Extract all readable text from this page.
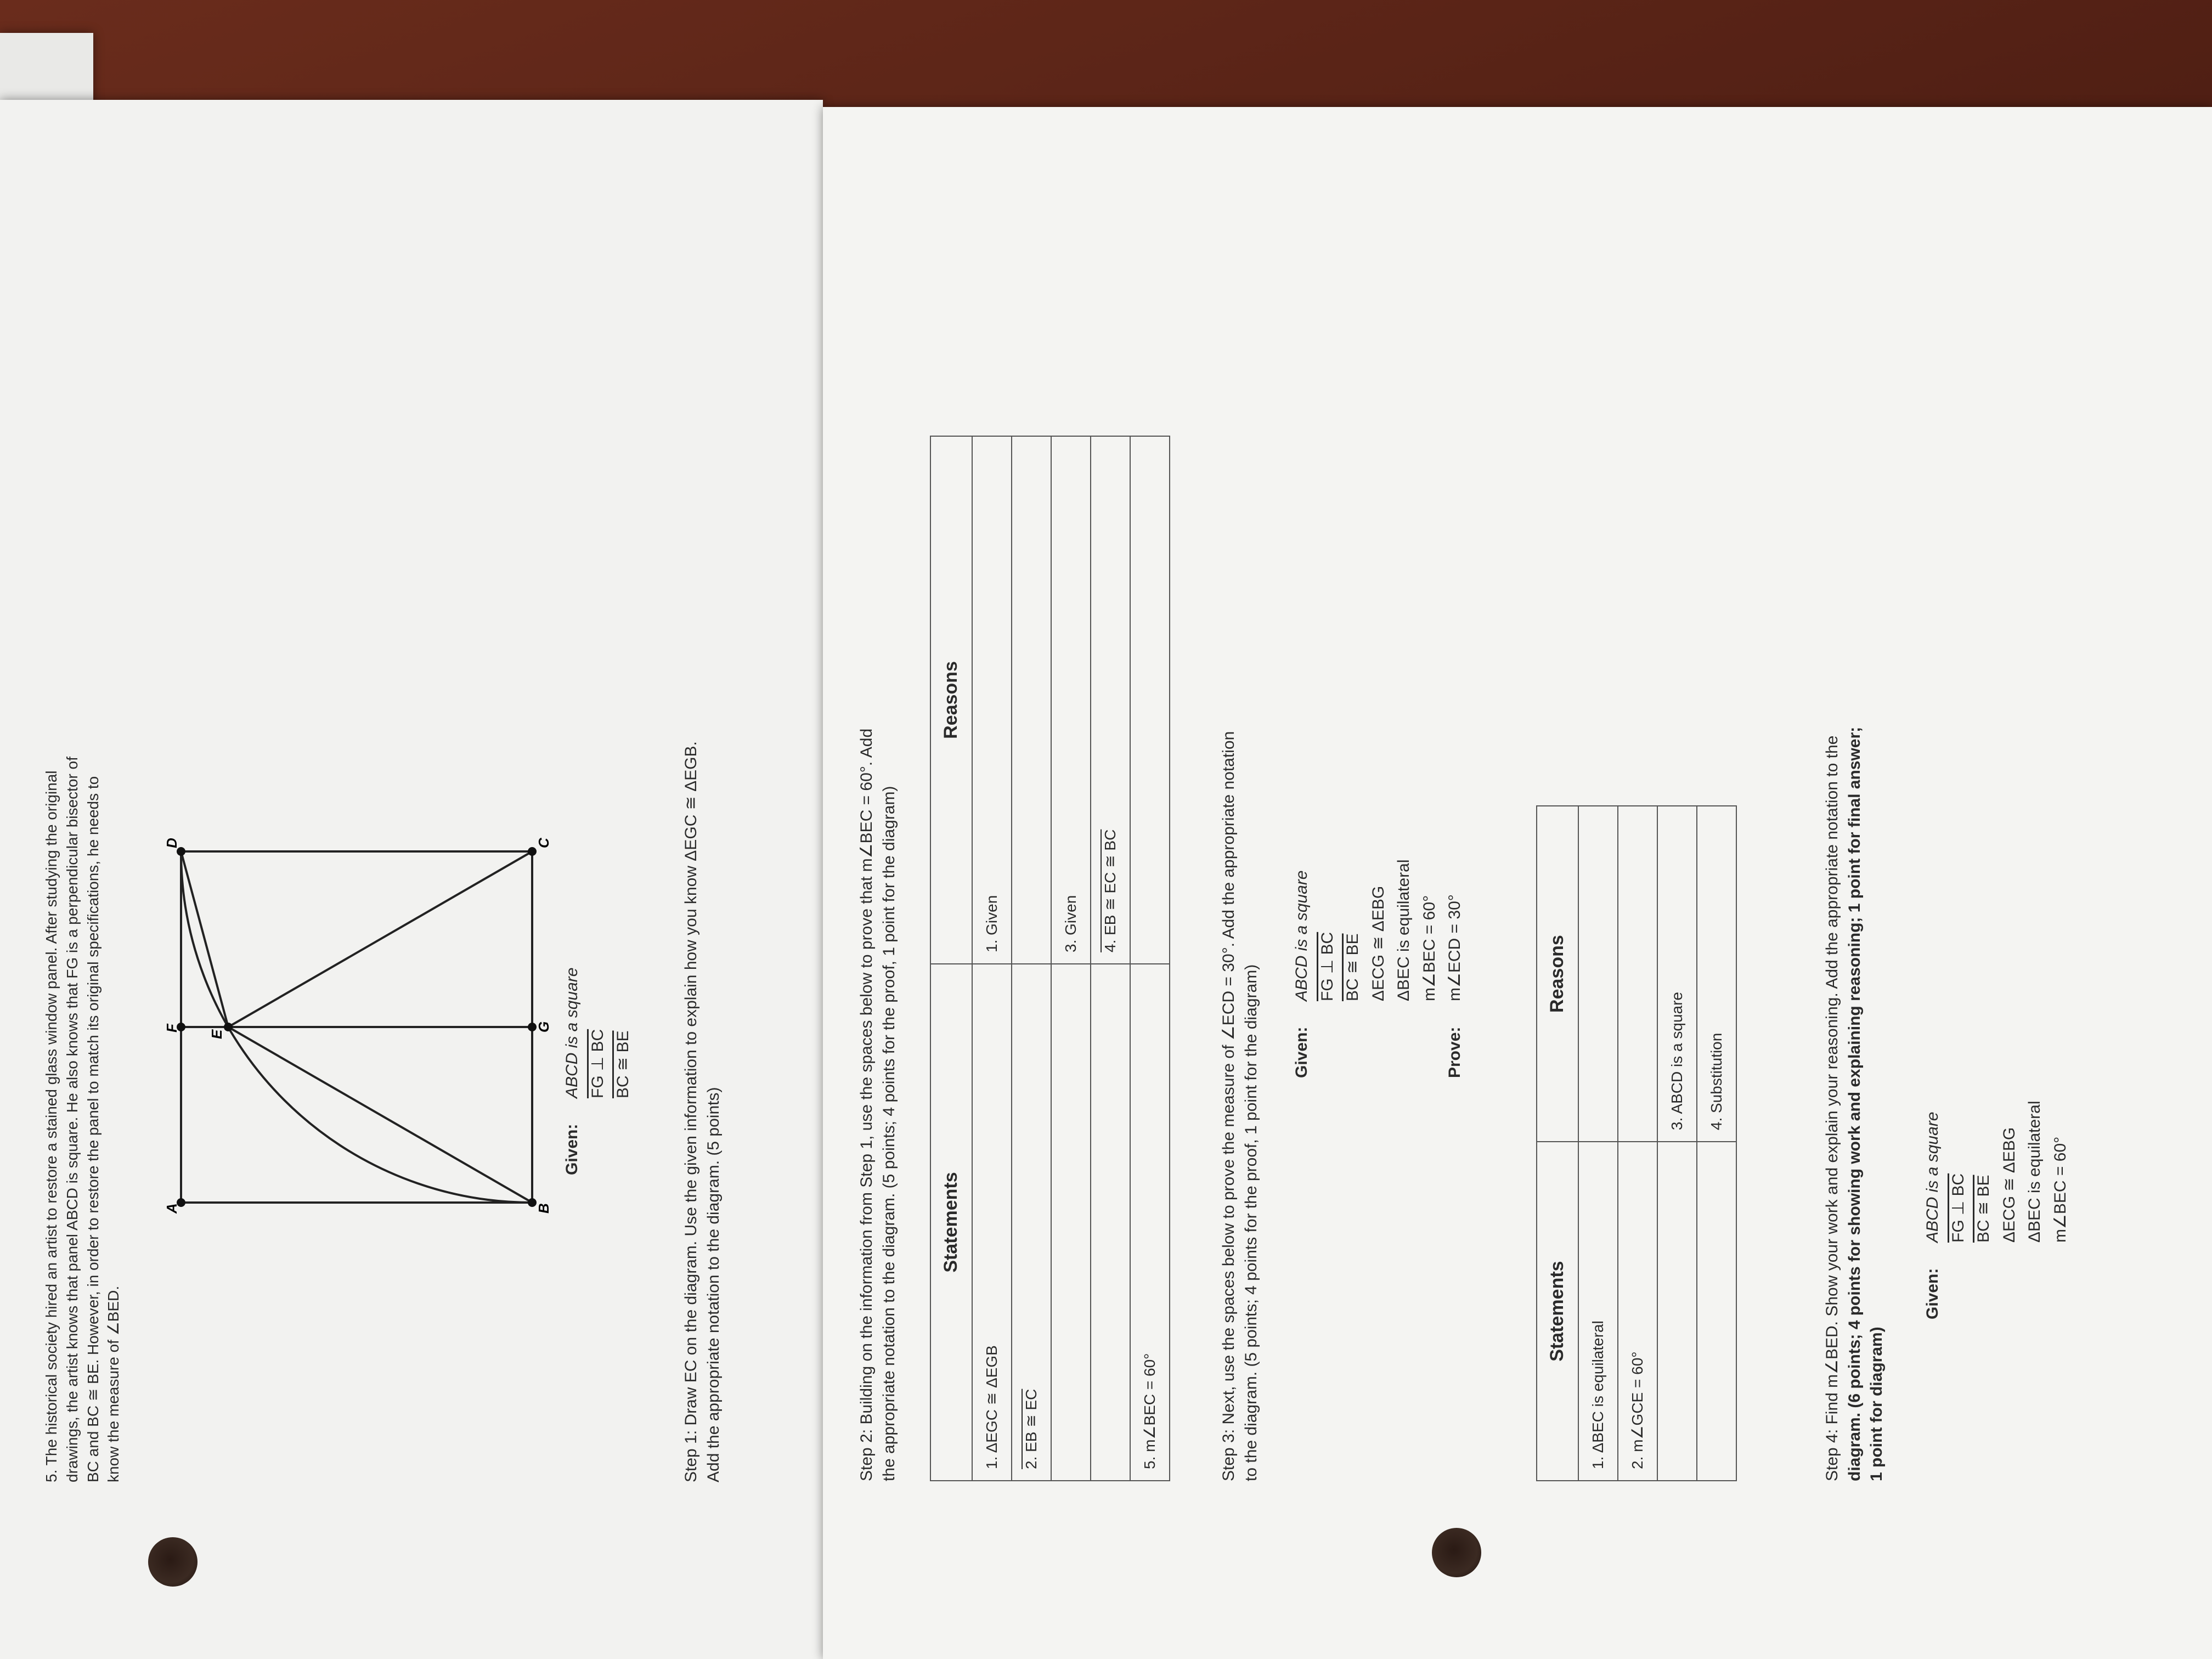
5. The historical society hired an artist to restore a stained glass window panel. After studying the original drawings, the artist knows that panel ABCD is square. He also knows that FG is a perpendicular bisector of BC and BC ≅ BE. However, in order to restore the panel to match its original specifications, he needs to know the measure of ∠BED.

A	B
C
D
E
F	G

Given:ABCD is a square FG ⊥ BC BC ≅ BE	Step 1: Draw EC on the diagram. Use the given information to explain how you know ΔEGC ≅ ΔEGB. Add the appropriate notation to the diagram. (5 points)	Step 2: Building on the information from Step 1, use the spaces below to prove that m∠BEC = 60°. Add the appropriate notation to the diagram. (5 points; 4 points for the proof, 1 point for the diagram) Statements	Reasons
1. ΔEGC ≅ ΔEGB	1. Given
2. EB ≅ EC	
	3. Given
	4. EB ≅ EC ≅ BC
5. m∠BEC = 60°		Step 3: Next, use the spaces below to prove the measure of ∠ECD = 30°. Add the appropriate notation to the diagram. (5 points; 4 points for the proof, 1 point for the diagram) Given:ABCD is a square FG ⊥ BC BC ≅ BE ΔECG ≅ ΔEBG ΔBEC is equilateral m∠BEC = 60°

Prove:m∠ECD = 30°

Statements	Reasons
1. ΔBEC is equilateral	
2. m∠GCE = 60°	
	3. ABCD is a square
	4. Substitution	Step 4: Find m∠BED. Show your work and explain your reasoning. Add the appropriate notation to the diagram. (6 points; 4 points for showing work and explaining reasoning; 1 point for final answer; 1 point for diagram)

Given:ABCD is a square FG ⊥ BC BC ≅ BE ΔECG ≅ ΔEBG ΔBEC is equilateral m∠BEC = 60°
